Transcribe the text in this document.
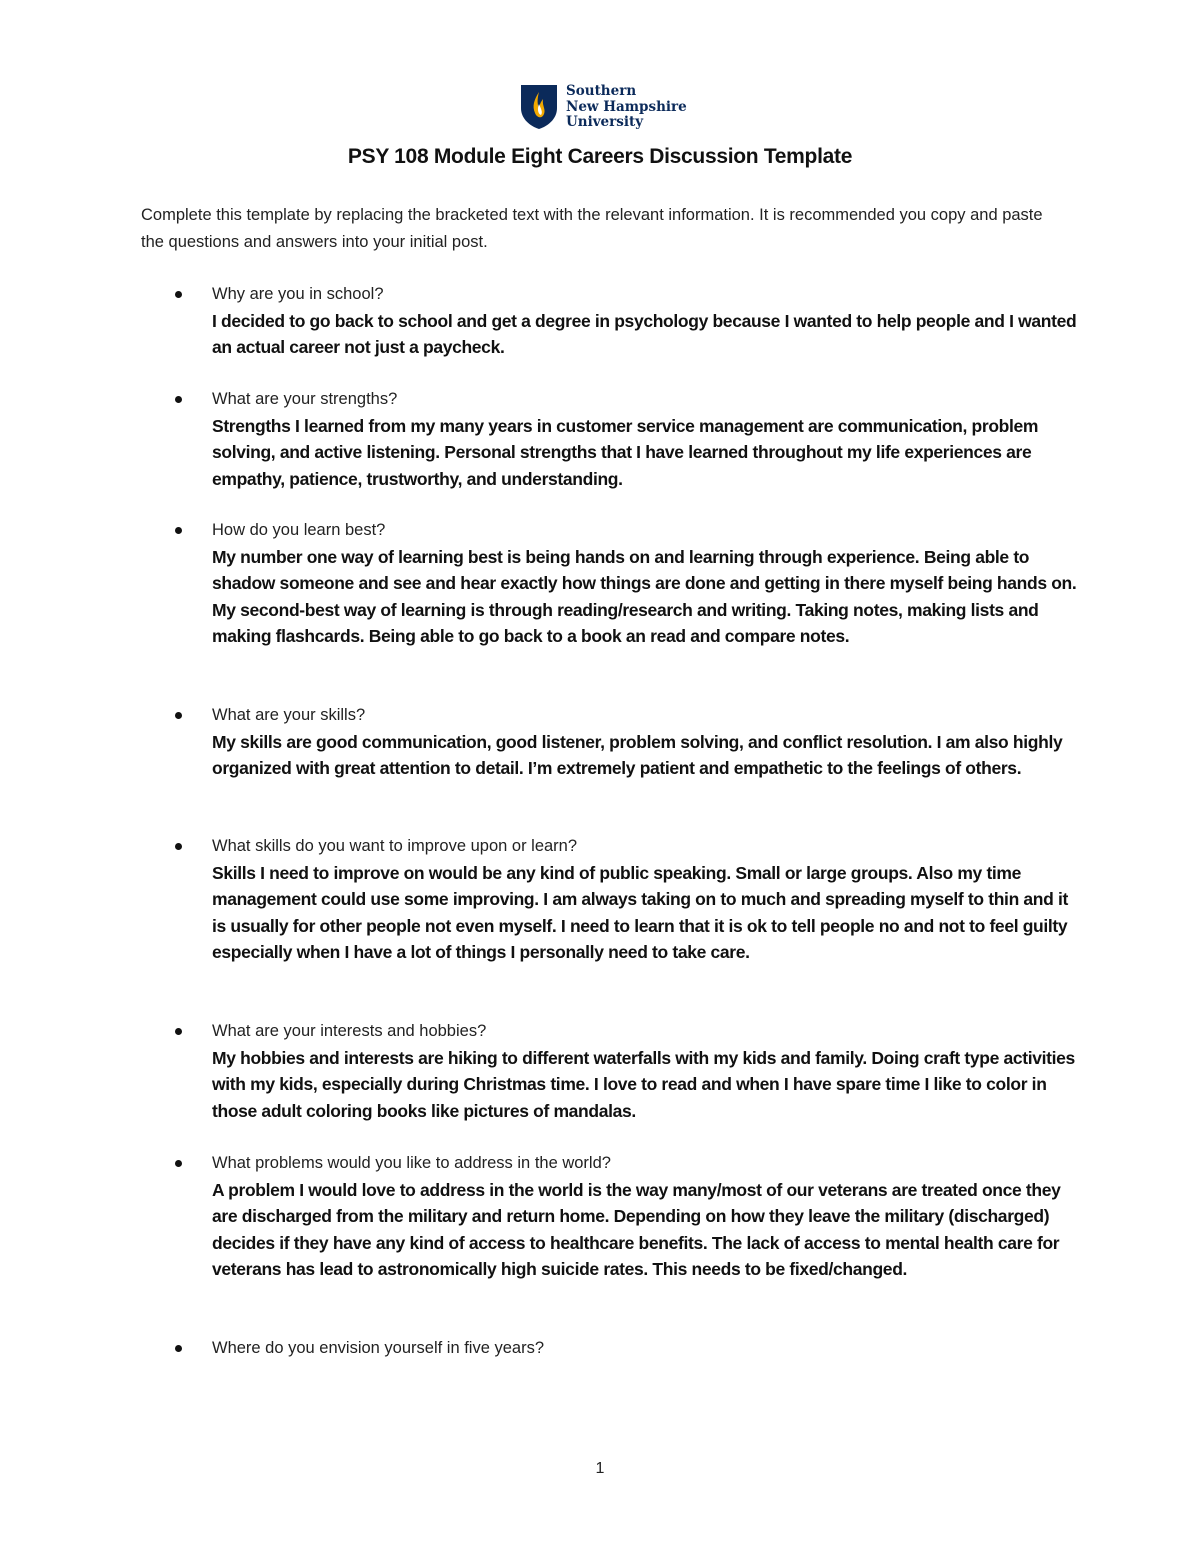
Southern
New Hampshire
University
PSY 108 Module Eight Careers Discussion Template
Complete this template by replacing the bracketed text with the relevant information. It is recommended you copy and paste the questions and answers into your initial post.
Why are you in school?
I decided to go back to school and get a degree in psychology because I wanted to help people and I wanted an actual career not just a paycheck.
What are your strengths?
Strengths I learned from my many years in customer service management are communication, problem solving, and active listening. Personal strengths that I have learned throughout my life experiences are empathy, patience, trustworthy, and understanding.
How do you learn best?
My number one way of learning best is being hands on and learning through experience. Being able to shadow someone and see and hear exactly how things are done and getting in there myself being hands on. My second-best way of learning is through reading/research and writing. Taking notes, making lists and making flashcards. Being able to go back to a book an read and compare notes.
What are your skills?
My skills are good communication, good listener, problem solving, and conflict resolution. I am also highly organized with great attention to detail. I’m extremely patient and empathetic to the feelings of others.
What skills do you want to improve upon or learn?
Skills I need to improve on would be any kind of public speaking. Small or large groups. Also my time management could use some improving. I am always taking on to much and spreading myself to thin and it is usually for other people not even myself. I need to learn that it is ok to tell people no and not to feel guilty especially when I have a lot of things I personally need to take care.
What are your interests and hobbies?
My hobbies and interests are hiking to different waterfalls with my kids and family. Doing craft type activities with my kids, especially during Christmas time. I love to read and when I have spare time I like to color in those adult coloring books like pictures of mandalas.
What problems would you like to address in the world?
A problem I would love to address in the world is the way many/most of our veterans are treated once they are discharged from the military and return home. Depending on how they leave the military (discharged) decides if they have any kind of access to healthcare benefits. The lack of access to mental health care for veterans has lead to astronomically high suicide rates. This needs to be fixed/changed.
Where do you envision yourself in five years?
1
